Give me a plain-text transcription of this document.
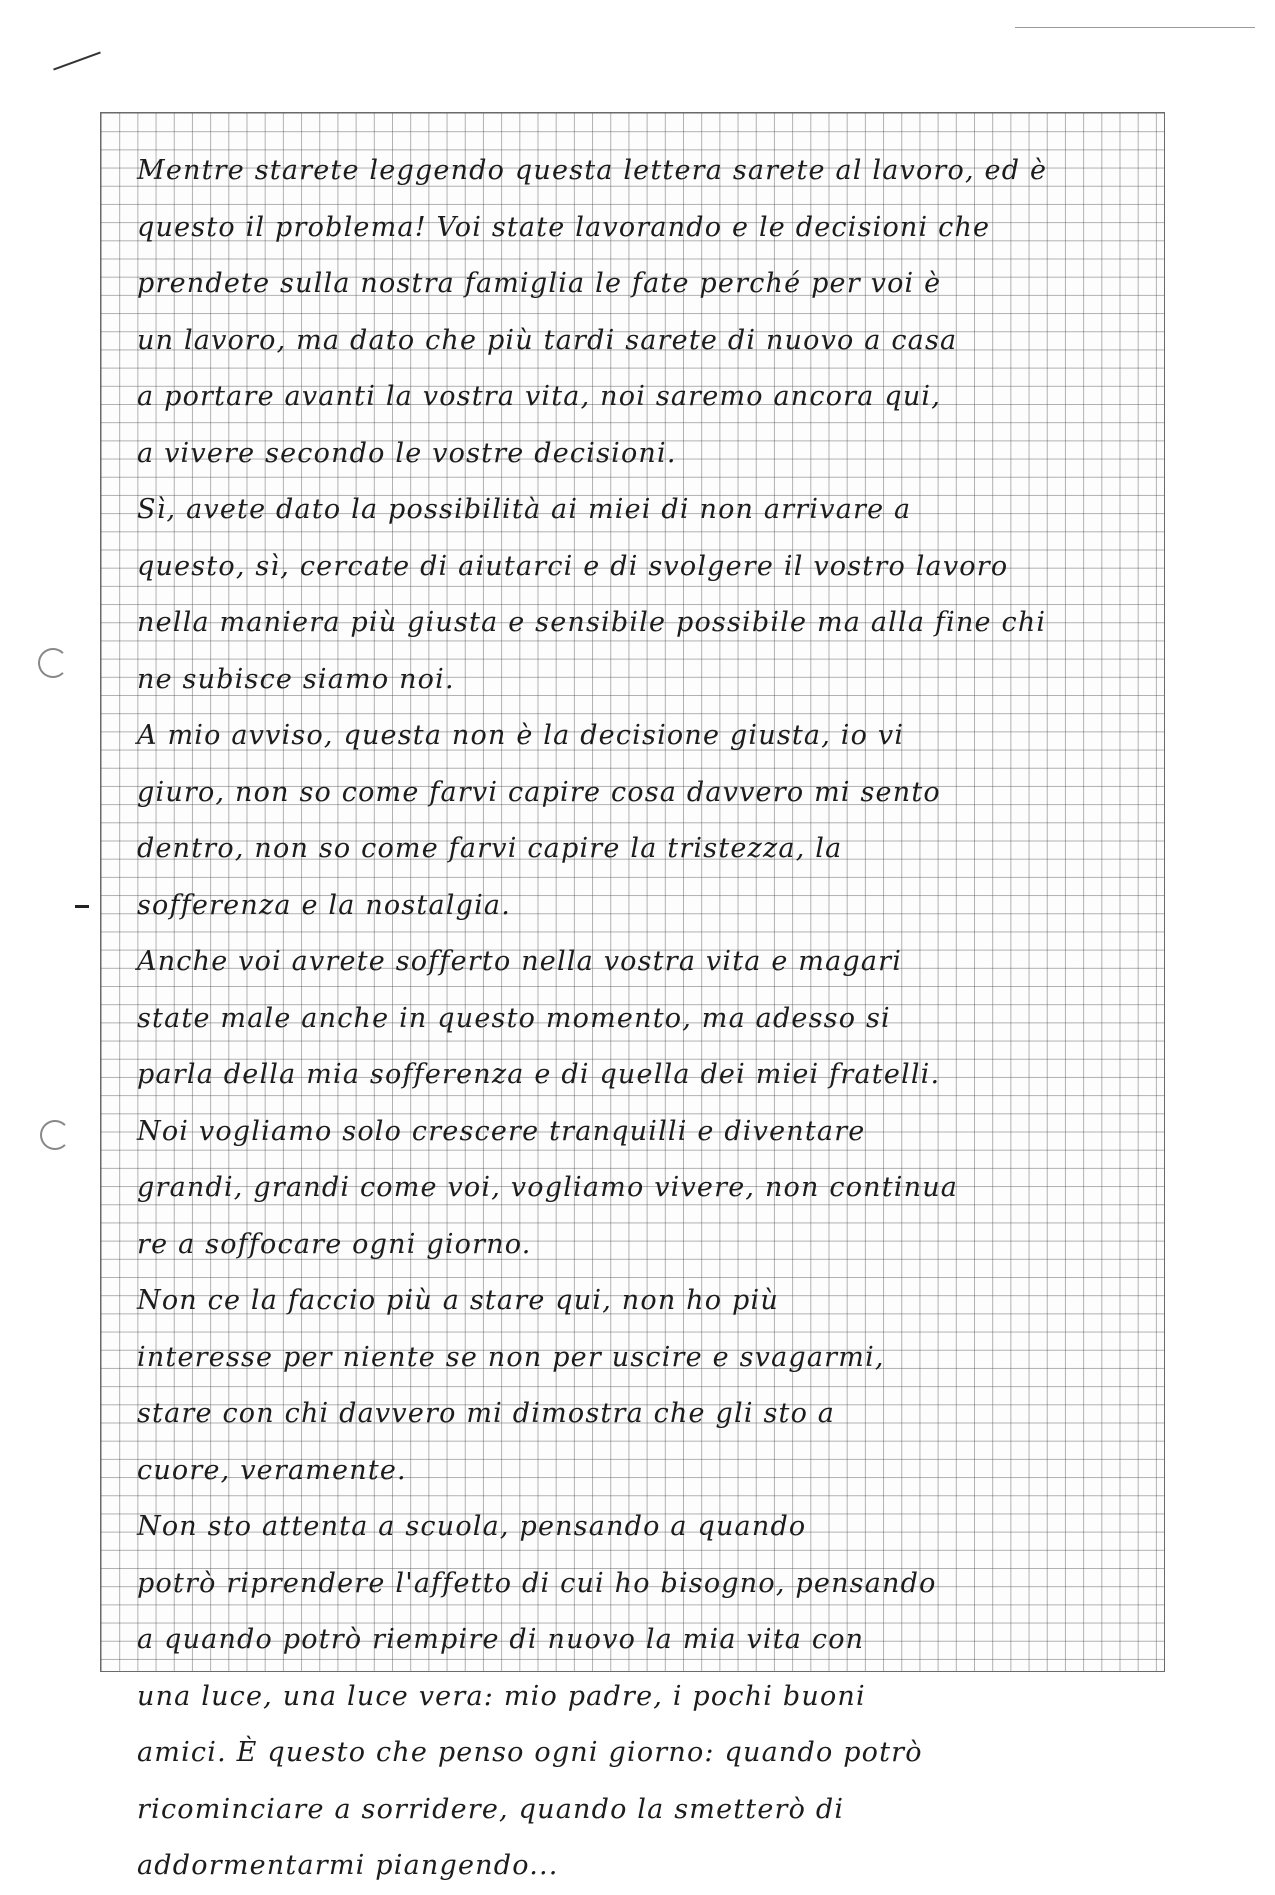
Mentre starete leggendo questa lettera sarete al lavoro, ed è
questo il problema! Voi state lavorando e le decisioni che
prendete sulla nostra famiglia le fate perché per voi è
un lavoro, ma dato che più tardi sarete di nuovo a casa
a portare avanti la vostra vita, noi saremo ancora qui,
a vivere secondo le vostre decisioni.
Sì, avete dato la possibilità ai miei di non arrivare a
questo, sì, cercate di aiutarci e di svolgere il vostro lavoro
nella maniera più giusta e sensibile possibile ma alla fine chi
ne subisce siamo noi.
A mio avviso, questa non è la decisione giusta, io vi
giuro, non so come farvi capire cosa davvero mi sento
dentro, non so come farvi capire la tristezza, la
sofferenza e la nostalgia.
Anche voi avrete sofferto nella vostra vita e magari
state male anche in questo momento, ma adesso si
parla della mia sofferenza e di quella dei miei fratelli.
Noi vogliamo solo crescere tranquilli e diventare
grandi, grandi come voi, vogliamo vivere, non continua
re a soffocare ogni giorno.
Non ce la faccio più a stare qui, non ho più
interesse per niente se non per uscire e svagarmi,
stare con chi davvero mi dimostra che gli sto a
cuore, veramente.
Non sto attenta a scuola, pensando a quando
potrò riprendere l'affetto di cui ho bisogno, pensando
a quando potrò riempire di nuovo la mia vita con
una luce, una luce vera: mio padre, i pochi buoni
amici. È questo che penso ogni giorno: quando potrò
ricominciare a sorridere, quando la smetterò di
addormentarmi piangendo...
